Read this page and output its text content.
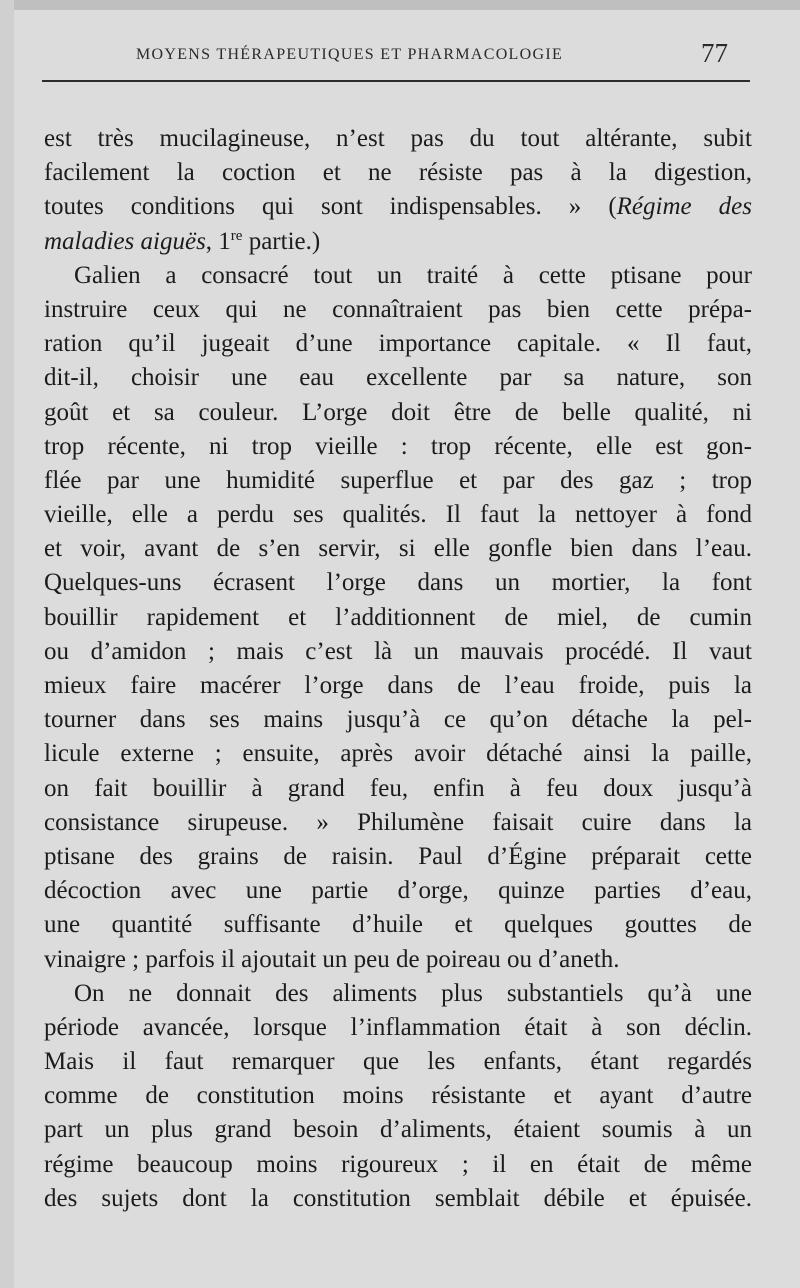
MOYENS THÉRAPEUTIQUES ET PHARMACOLOGIE	77
est très mucilagineuse, n’est pas du tout altérante, subit
facilement la coction et ne résiste pas à la digestion,
toutes conditions qui sont indispensables. » (Régime des
maladies aiguës, 1re partie.)
Galien a consacré tout un traité à cette ptisane pour
instruire ceux qui ne connaîtraient pas bien cette prépa-
ration qu’il jugeait d’une importance capitale. « Il faut,
dit-il, choisir une eau excellente par sa nature, son
goût et sa couleur. L’orge doit être de belle qualité, ni
trop récente, ni trop vieille : trop récente, elle est gon-
flée par une humidité superflue et par des gaz ; trop
vieille, elle a perdu ses qualités. Il faut la nettoyer à fond
et voir, avant de s’en servir, si elle gonfle bien dans l’eau.
Quelques-uns écrasent l’orge dans un mortier, la font
bouillir rapidement et l’additionnent de miel, de cumin
ou d’amidon ; mais c’est là un mauvais procédé. Il vaut
mieux faire macérer l’orge dans de l’eau froide, puis la
tourner dans ses mains jusqu’à ce qu’on détache la pel-
licule externe ; ensuite, après avoir détaché ainsi la paille,
on fait bouillir à grand feu, enfin à feu doux jusqu’à
consistance sirupeuse. » Philumène faisait cuire dans la
ptisane des grains de raisin. Paul d’Égine préparait cette
décoction avec une partie d’orge, quinze parties d’eau,
une quantité suffisante d’huile et quelques gouttes de
vinaigre ; parfois il ajoutait un peu de poireau ou d’aneth.
On ne donnait des aliments plus substantiels qu’à une
période avancée, lorsque l’inflammation était à son déclin.
Mais il faut remarquer que les enfants, étant regardés
comme de constitution moins résistante et ayant d’autre
part un plus grand besoin d’aliments, étaient soumis à un
régime beaucoup moins rigoureux ; il en était de même
des sujets dont la constitution semblait débile et épuisée.
